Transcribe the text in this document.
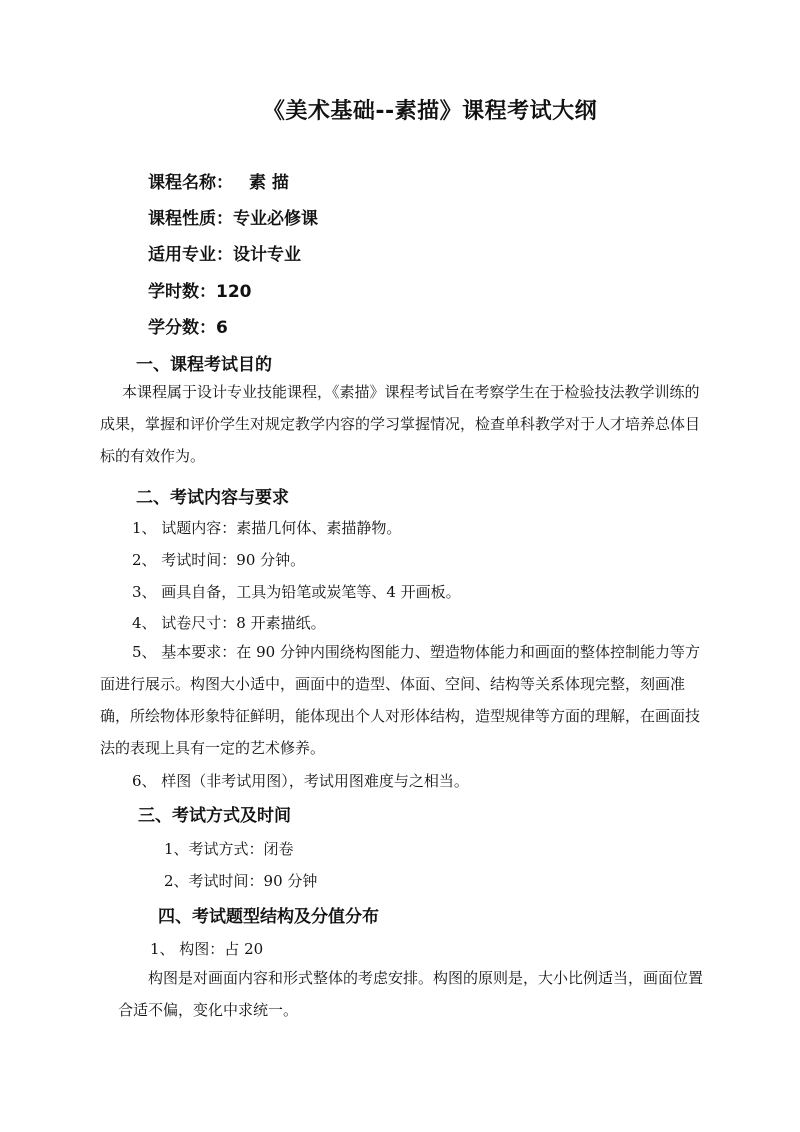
《美术基础--素描》课程考试大纲
课程名称： 素 描
课程性质：专业必修课
适用专业：设计专业
学时数：120
学分数：6
一、课程考试目的
本课程属于设计专业技能课程，《素描》课程考试旨在考察学生在于检验技法教学训练的成果，掌握和评价学生对规定教学内容的学习掌握情况，检查单科教学对于人才培养总体目标的有效作为。
二、考试内容与要求
1、 试题内容：素描几何体、素描静物。
2、 考试时间：90 分钟。
3、 画具自备，工具为铅笔或炭笔等、4 开画板。
4、 试卷尺寸：8 开素描纸。
5、 基本要求：在 90 分钟内围绕构图能力、塑造物体能力和画面的整体控制能力等方面进行展示。构图大小适中，画面中的造型、体面、空间、结构等关系体现完整，刻画准确，所绘物体形象特征鲜明，能体现出个人对形体结构，造型规律等方面的理解，在画面技法的表现上具有一定的艺术修养。
6、 样图（非考试用图），考试用图难度与之相当。
三、考试方式及时间
1、考试方式：闭卷
2、考试时间：90 分钟
四、考试题型结构及分值分布
1、 构图：占 20
构图是对画面内容和形式整体的考虑安排。构图的原则是，大小比例适当，画面位置合适不偏，变化中求统一。
